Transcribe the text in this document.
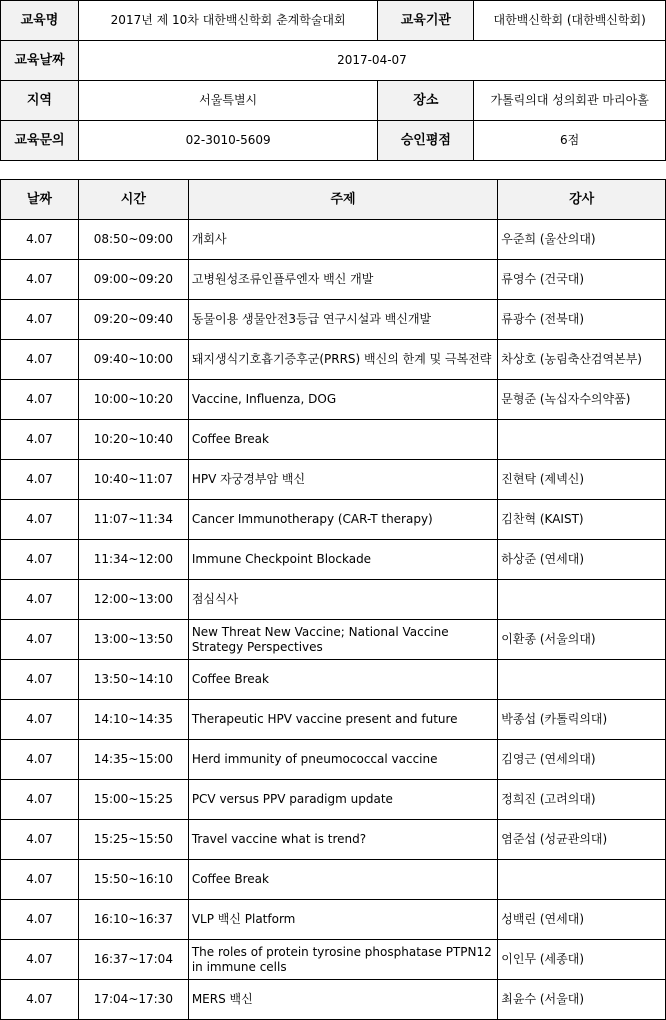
교육명	2017년 제 10차 대한백신학회 춘계학술대회	교육기관	대한백신학회 (대한백신학회)
교육날짜	2017-04-07		
지역	서울특별시	장소	가톨릭의대 성의회관 마리아홀
교육문의	02-3010-5609	승인평점	6점
날짜	시간	주제	강사
4.07	08:50~09:00	개회사	우준희 (울산의대)
4.07	09:00~09:20	고병원성조류인플루엔자 백신 개발	류영수 (건국대)
4.07	09:20~09:40	동물이용 생물안전3등급 연구시설과 백신개발	류광수 (전북대)
4.07	09:40~10:00	돼지생식기호흡기증후군(PRRS) 백신의 한계 및 극복전략	차상호 (농림축산검역본부)
4.07	10:00~10:20	Vaccine, Influenza, DOG	문형준 (녹십자수의약품)
4.07	10:20~10:40	Coffee Break	
4.07	10:40~11:07	HPV 자궁경부암 백신	진현탁 (제넥신)
4.07	11:07~11:34	Cancer Immunotherapy (CAR-T therapy)	김찬혁 (KAIST)
4.07	11:34~12:00	Immune Checkpoint Blockade	하상준 (연세대)
4.07	12:00~13:00	점심식사	
4.07	13:00~13:50	New Threat New Vaccine; National Vaccine Strategy Perspectives	이환종 (서울의대)
4.07	13:50~14:10	Coffee Break	
4.07	14:10~14:35	Therapeutic HPV vaccine present and future	박종섭 (카톨릭의대)
4.07	14:35~15:00	Herd immunity of pneumococcal vaccine	김영근 (연세의대)
4.07	15:00~15:25	PCV versus PPV paradigm update	정희진 (고려의대)
4.07	15:25~15:50	Travel vaccine what is trend?	염준섭 (성균관의대)
4.07	15:50~16:10	Coffee Break	
4.07	16:10~16:37	VLP 백신 Platform	성백린 (연세대)
4.07	16:37~17:04	The roles of protein tyrosine phosphatase PTPN12 in immune cells	이인무 (세종대)
4.07	17:04~17:30	MERS 백신	최윤수 (서울대)
